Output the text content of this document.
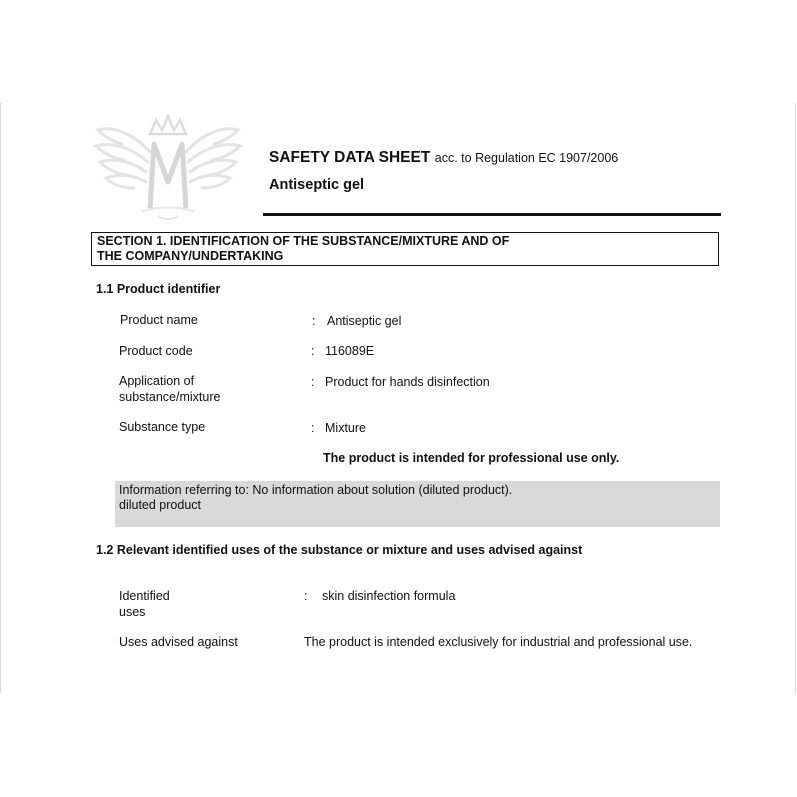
SAFETY DATA SHEET acc. to Regulation EC 1907/2006
Antiseptic gel
SECTION 1. IDENTIFICATION OF THE SUBSTANCE/MIXTURE AND OF
THE COMPANY/UNDERTAKING
1.1 Product identifier
Product name	: Antiseptic gel
Product code	: 116089E
Application of
substance/mixture
: Product for hands disinfection
Substance type	: Mixture
The product is intended for professional use only.
Information referring to: No information about solution (diluted product).
diluted product
1.2 Relevant identified uses of the substance or mixture and uses advised against
Identified
uses
: skin disinfection formula
Uses advised against	The product is intended exclusively for industrial and professional use.
